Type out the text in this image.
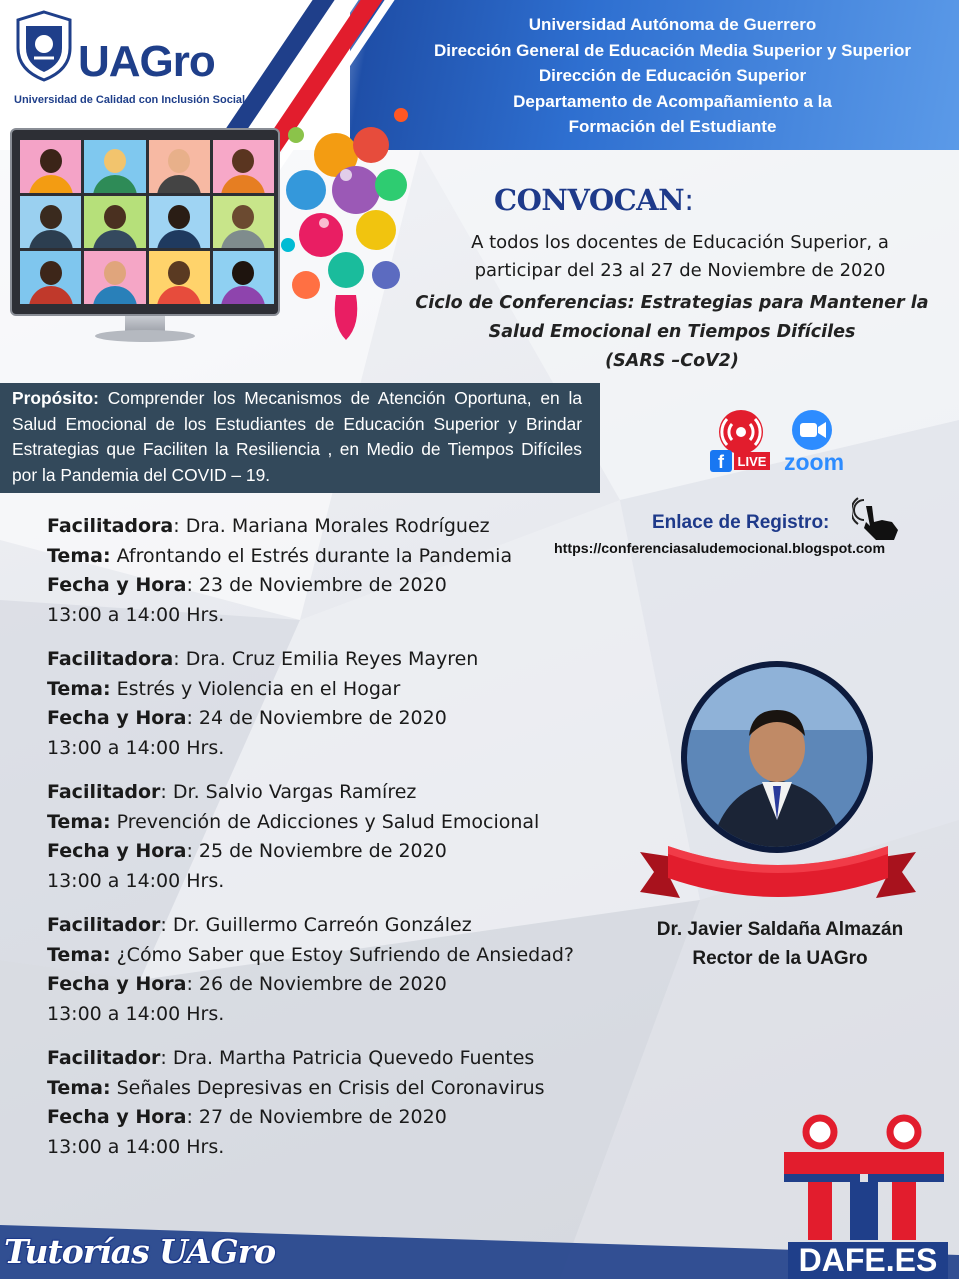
UAGro
Universidad de Calidad con Inclusión Social
Universidad Autónoma de Guerrero
Dirección General de Educación Media Superior y Superior
Dirección de Educación Superior
Departamento de Acompañamiento a la
Formación del Estudiante
CONVOCAN:
A todos los docentes de Educación Superior, a
participar del 23 al 27 de Noviembre de 2020
Ciclo de Conferencias: Estrategias para Mantener la
Salud Emocional en Tiempos Difíciles
(SARS –CoV2)
Propósito: Comprender los Mecanismos de Atención Oportuna, en la Salud Emocional de los Estudiantes de Educación Superior y Brindar Estrategias que Faciliten la Resiliencia , en Medio de Tiempos Difíciles por la Pandemia del COVID – 19.
f LIVE zoom
Enlace de Registro:
https://conferenciasaludemocional.blogspot.com
Facilitadora: Dra. Mariana Morales Rodríguez
Tema: Afrontando el Estrés durante la Pandemia
Fecha y Hora: 23 de Noviembre de 2020
13:00 a 14:00 Hrs.
Facilitadora: Dra. Cruz Emilia Reyes Mayren
Tema: Estrés y Violencia en el Hogar
Fecha y Hora: 24 de Noviembre de 2020
13:00 a 14:00 Hrs.
Facilitador: Dr. Salvio Vargas Ramírez
Tema: Prevención de Adicciones y Salud Emocional
Fecha y Hora: 25 de Noviembre de 2020
13:00 a 14:00 Hrs.
Facilitador: Dr. Guillermo Carreón González
Tema: ¿Cómo Saber que Estoy Sufriendo de Ansiedad?
Fecha y Hora: 26 de Noviembre de 2020
13:00 a 14:00 Hrs.
Facilitador: Dra. Martha Patricia Quevedo Fuentes
Tema: Señales Depresivas en Crisis del Coronavirus
Fecha y Hora: 27 de Noviembre de 2020
13:00 a 14:00 Hrs.
Dr. Javier Saldaña Almazán
Rector de la UAGro
Tutorías UAGro	DAFE.ES
